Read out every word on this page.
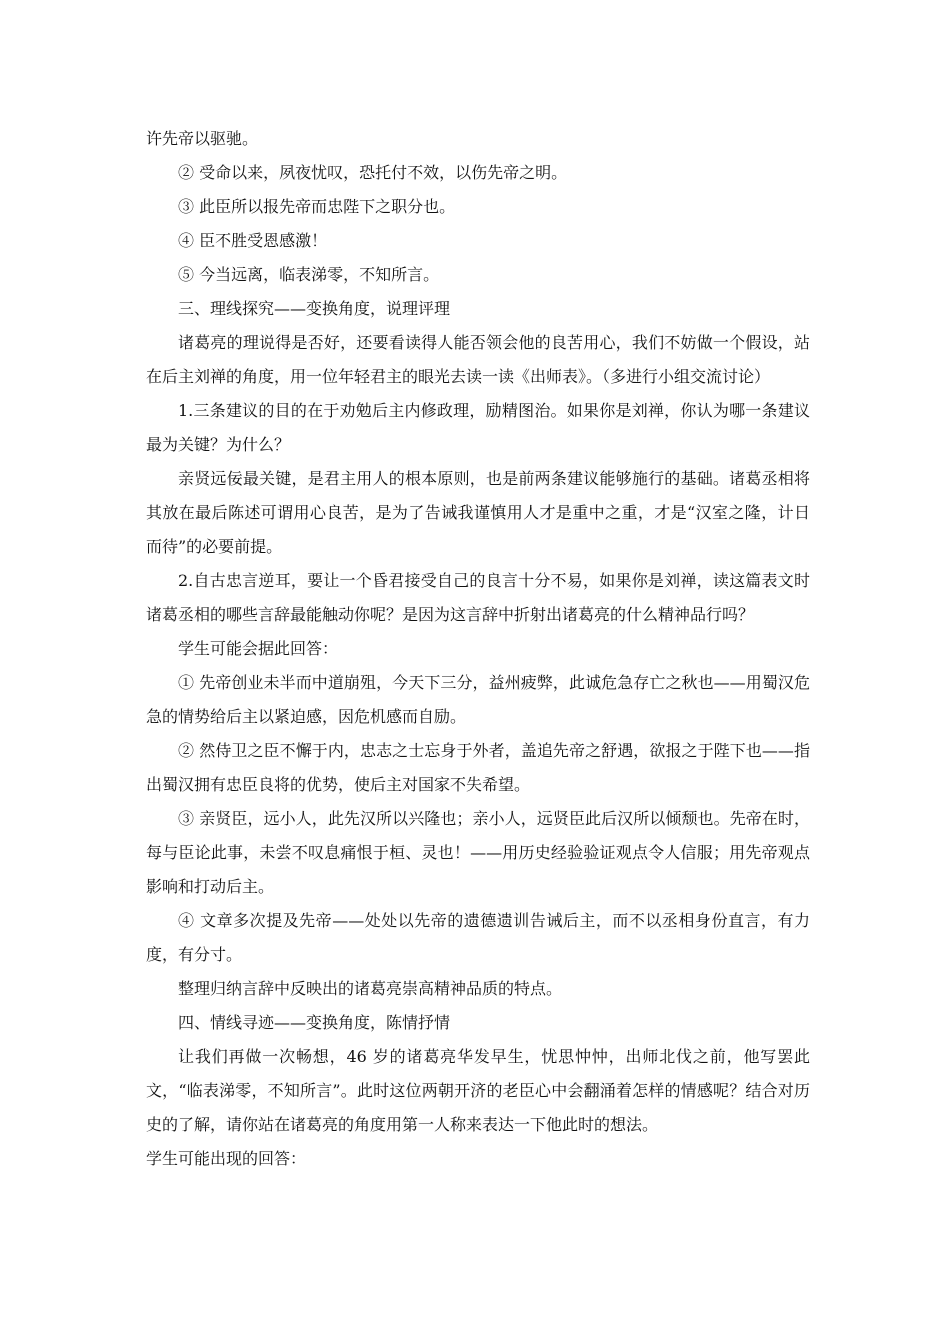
许先帝以驱驰。

② 受命以来，夙夜忧叹，恐托付不效，以伤先帝之明。

③ 此臣所以报先帝而忠陛下之职分也。

④ 臣不胜受恩感激！

⑤ 今当远离，临表涕零，不知所言。

三、理线探究——变换角度，说理评理

诸葛亮的理说得是否好，还要看读得人能否领会他的良苦用心，我们不妨做一个假设，站在后主刘禅的角度，用一位年轻君主的眼光去读一读《出师表》。（多进行小组交流讨论）

1.三条建议的目的在于劝勉后主内修政理，励精图治。如果你是刘禅，你认为哪一条建议最为关键？为什么？

亲贤远佞最关键，是君主用人的根本原则，也是前两条建议能够施行的基础。诸葛丞相将其放在最后陈述可谓用心良苦，是为了告诫我谨慎用人才是重中之重，才是“汉室之隆，计日而待”的必要前提。

2.自古忠言逆耳，要让一个昏君接受自己的良言十分不易，如果你是刘禅，读这篇表文时诸葛丞相的哪些言辞最能触动你呢？是因为这言辞中折射出诸葛亮的什么精神品行吗？

学生可能会据此回答：

① 先帝创业未半而中道崩殂，今天下三分，益州疲弊，此诚危急存亡之秋也——用蜀汉危急的情势给后主以紧迫感，因危机感而自励。

② 然侍卫之臣不懈于内，忠志之士忘身于外者，盖追先帝之舒遇，欲报之于陛下也——指出蜀汉拥有忠臣良将的优势，使后主对国家不失希望。

③ 亲贤臣，远小人，此先汉所以兴隆也；亲小人，远贤臣此后汉所以倾颓也。先帝在时，每与臣论此事，未尝不叹息痛恨于桓、灵也！——用历史经验验证观点令人信服；用先帝观点影响和打动后主。

④ 文章多次提及先帝——处处以先帝的遗德遗训告诫后主，而不以丞相身份直言，有力度，有分寸。

整理归纳言辞中反映出的诸葛亮崇高精神品质的特点。

四、情线寻迹——变换角度，陈情抒情

让我们再做一次畅想，46 岁的诸葛亮华发早生，忧思忡忡，出师北伐之前，他写罢此文，“临表涕零，不知所言”。此时这位两朝开济的老臣心中会翻涌着怎样的情感呢？结合对历史的了解，请你站在诸葛亮的角度用第一人称来表达一下他此时的想法。

学生可能出现的回答：
